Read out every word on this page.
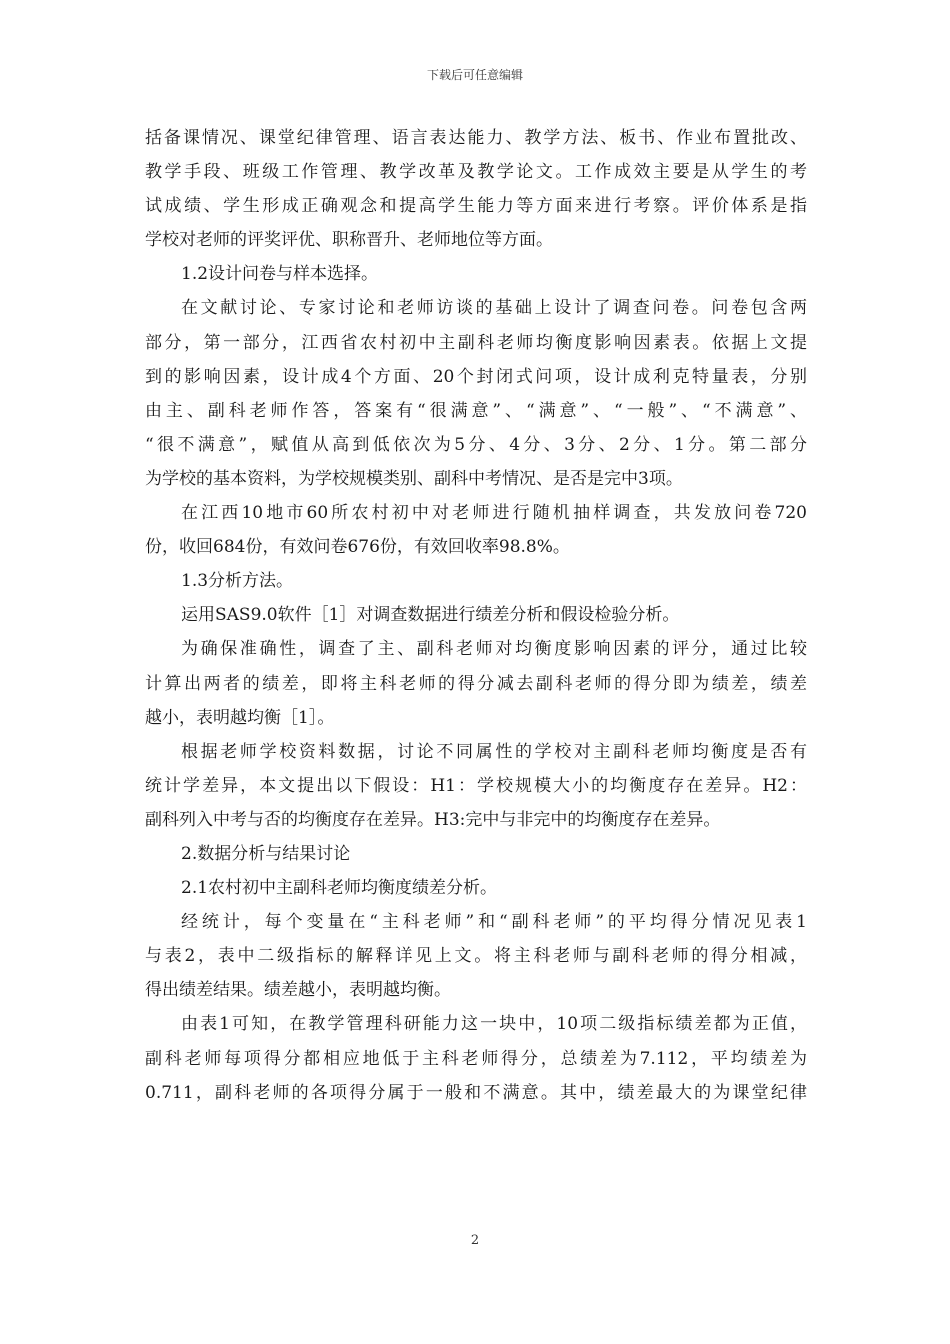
下载后可任意编辑
括备课情况、课堂纪律管理、语言表达能力、教学方法、板书、作业布置批改、
教学手段、班级工作管理、教学改革及教学论文。工作成效主要是从学生的考
试成绩、学生形成正确观念和提高学生能力等方面来进行考察。评价体系是指
学校对老师的评奖评优、职称晋升、老师地位等方面。
1.2设计问卷与样本选择。
在文献讨论、专家讨论和老师访谈的基础上设计了调查问卷。问卷包含两
部分，第一部分，江西省农村初中主副科老师均衡度影响因素表。依据上文提
到的影响因素，设计成4个方面、20个封闭式问项，设计成利克特量表，分别
由主、副科老师作答，答案有“很满意”、“满意”、“一般”、“不满意”、
“很不满意”，赋值从高到低依次为5分、4分、3分、2分、1分。第二部分
为学校的基本资料，为学校规模类别、副科中考情况、是否是完中3项。
在江西10地市60所农村初中对老师进行随机抽样调查，共发放问卷720
份，收回684份，有效问卷676份，有效回收率98.8%。
1.3分析方法。
运用SAS9.0软件［1］对调查数据进行绩差分析和假设检验分析。
为确保准确性，调查了主、副科老师对均衡度影响因素的评分，通过比较
计算出两者的绩差，即将主科老师的得分减去副科老师的得分即为绩差，绩差
越小，表明越均衡［1］。
根据老师学校资料数据，讨论不同属性的学校对主副科老师均衡度是否有
统计学差异，本文提出以下假设：H1：学校规模大小的均衡度存在差异。H2：
副科列入中考与否的均衡度存在差异。H3:完中与非完中的均衡度存在差异。
2.数据分析与结果讨论
2.1农村初中主副科老师均衡度绩差分析。
经统计，每个变量在“主科老师”和“副科老师”的平均得分情况见表1
与表2，表中二级指标的解释详见上文。将主科老师与副科老师的得分相减，
得出绩差结果。绩差越小，表明越均衡。
由表1可知，在教学管理科研能力这一块中，10项二级指标绩差都为正值，
副科老师每项得分都相应地低于主科老师得分，总绩差为7.112，平均绩差为
0.711，副科老师的各项得分属于一般和不满意。其中，绩差最大的为课堂纪律
2
